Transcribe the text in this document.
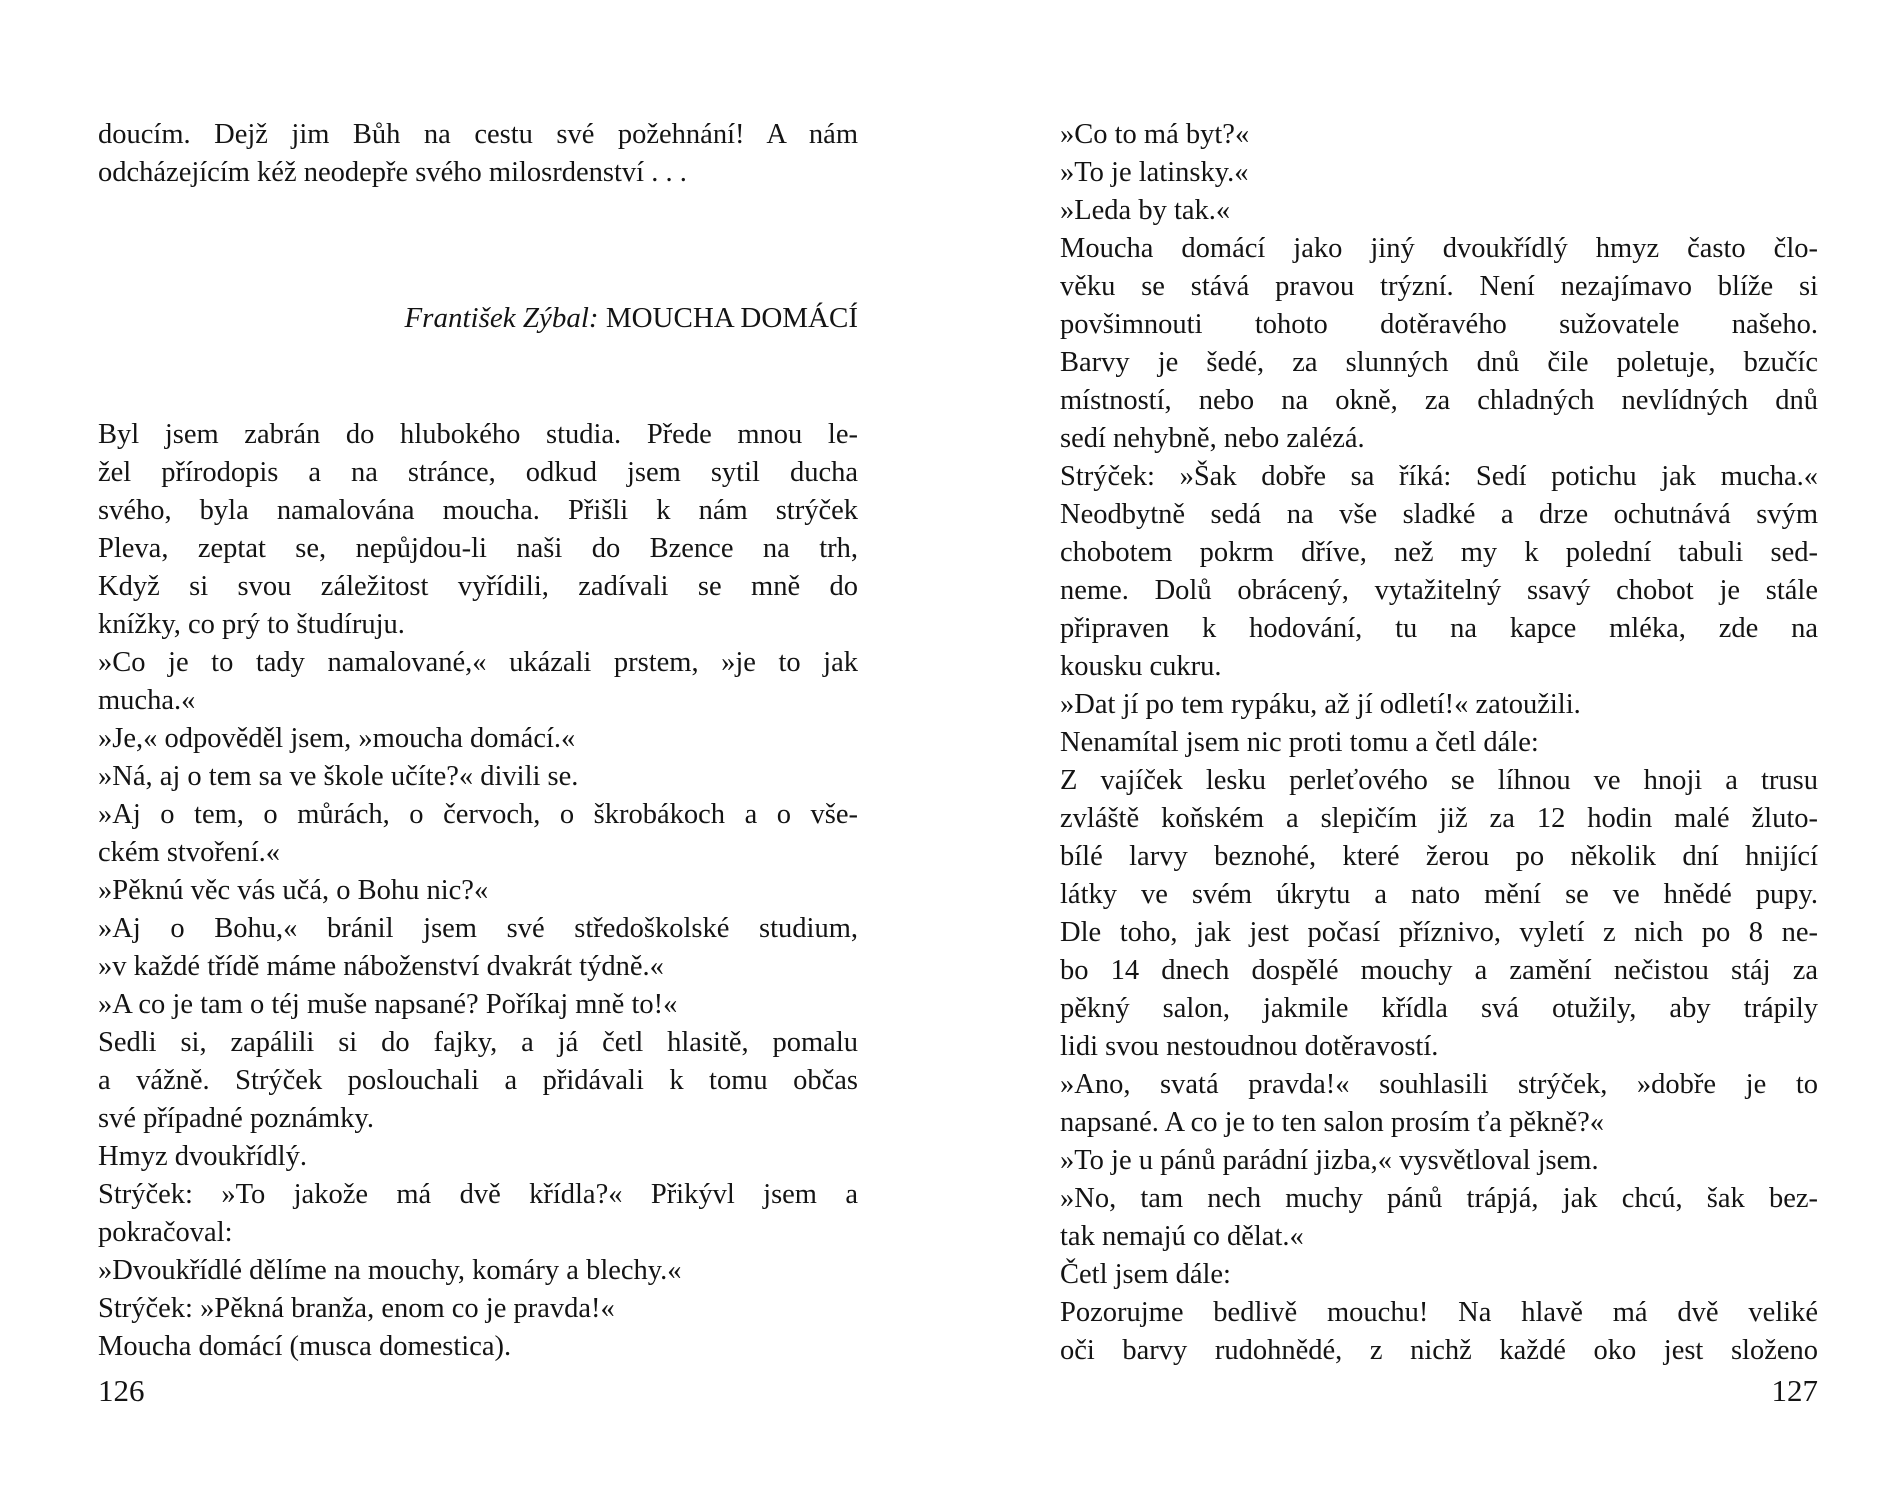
doucím. Dejž jim Bůh na cestu své požehnání! A nám
odcházejícím kéž neodepře svého milosrdenství . . .
František Zýbal: MOUCHA DOMÁCÍ
Byl jsem zabrán do hlubokého studia. Přede mnou le-
žel přírodopis a na stránce, odkud jsem sytil ducha
svého, byla namalována moucha. Přišli k nám strýček
Pleva, zeptat se, nepůjdou-li naši do Bzence na trh,
Když si svou záležitost vyřídili, zadívali se mně do
knížky, co prý to študíruju.
»Co je to tady namalované,« ukázali prstem, »je to jak
mucha.«
»Je,« odpověděl jsem, »moucha domácí.«
»Ná, aj o tem sa ve škole učíte?« divili se.
»Aj o tem, o můrách, o červoch, o škrobákoch a o vše-
ckém stvoření.«
»Pěknú věc vás učá, o Bohu nic?«
»Aj o Bohu,« bránil jsem své středoškolské studium,
»v každé třídě máme náboženství dvakrát týdně.«
»A co je tam o téj muše napsané? Poříkaj mně to!«
Sedli si, zapálili si do fajky, a já četl hlasitě, pomalu
a vážně. Strýček poslouchali a přidávali k tomu občas
své případné poznámky.
Hmyz dvoukřídlý.
Strýček: »To jakože má dvě křídla?« Přikývl jsem a
pokračoval:
»Dvoukřídlé dělíme na mouchy, komáry a blechy.«
Strýček: »Pěkná branža, enom co je pravda!«
Moucha domácí (musca domestica).
126
»Co to má byt?«
»To je latinsky.«
»Leda by tak.«
Moucha domácí jako jiný dvoukřídlý hmyz často člo-
věku se stává pravou trýzní. Není nezajímavo blíže si
povšimnouti tohoto dotěravého sužovatele našeho.
Barvy je šedé, za slunných dnů čile poletuje, bzučíc
místností, nebo na okně, za chladných nevlídných dnů
sedí nehybně, nebo zalézá.
Strýček: »Šak dobře sa říká: Sedí potichu jak mucha.«
Neodbytně sedá na vše sladké a drze ochutnává svým
chobotem pokrm dříve, než my k polední tabuli sed-
neme. Dolů obrácený, vytažitelný ssavý chobot je stále
připraven k hodování, tu na kapce mléka, zde na
kousku cukru.
»Dat jí po tem rypáku, až jí odletí!« zatoužili.
Nenamítal jsem nic proti tomu a četl dále:
Z vajíček lesku perleťového se líhnou ve hnoji a trusu
zvláště koňském a slepičím již za 12 hodin malé žluto-
bílé larvy beznohé, které žerou po několik dní hnijící
látky ve svém úkrytu a nato mění se ve hnědé pupy.
Dle toho, jak jest počasí příznivo, vyletí z nich po 8 ne-
bo 14 dnech dospělé mouchy a zamění nečistou stáj za
pěkný salon, jakmile křídla svá otužily, aby trápily
lidi svou nestoudnou dotěravostí.
»Ano, svatá pravda!« souhlasili strýček, »dobře je to
napsané. A co je to ten salon prosím ťa pěkně?«
»To je u pánů parádní jizba,« vysvětloval jsem.
»No, tam nech muchy pánů trápjá, jak chcú, šak bez-
tak nemajú co dělat.«
Četl jsem dále:
Pozorujme bedlivě mouchu! Na hlavě má dvě veliké
oči barvy rudohnědé, z nichž každé oko jest složeno
127
